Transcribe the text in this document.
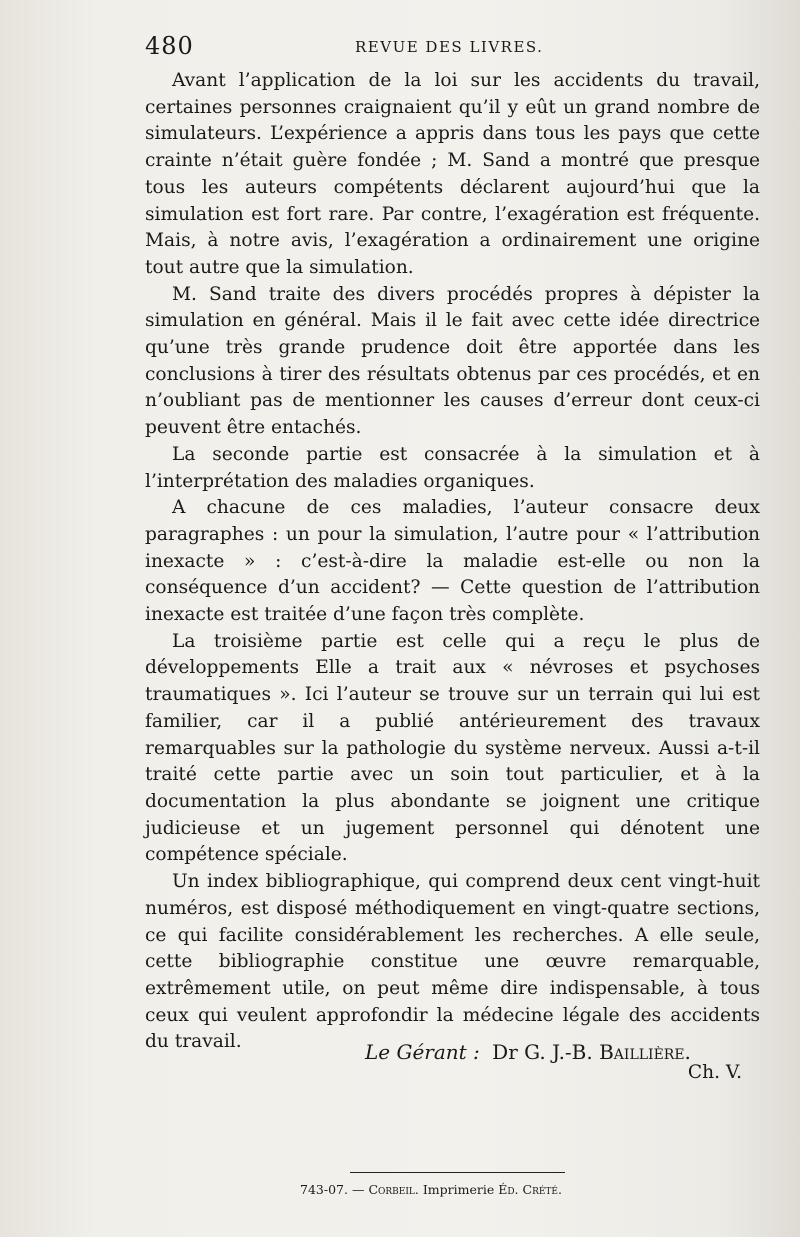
480	REVUE DES LIVRES.

Avant l’application de la loi sur les accidents du travail, certaines personnes craignaient qu’il y eût un grand nombre de simulateurs. L’expérience a appris dans tous les pays que cette crainte n’était guère fondée ; M. Sand a montré que presque tous les auteurs compétents déclarent aujourd’hui que la simulation est fort rare. Par contre, l’exagération est fréquente. Mais, à notre avis, l’exagération a ordinairement une origine tout autre que la simulation.

M. Sand traite des divers procédés propres à dépister la simulation en général. Mais il le fait avec cette idée directrice qu’une très grande prudence doit être apportée dans les conclusions à tirer des résultats obtenus par ces procédés, et en n’oubliant pas de mentionner les causes d’erreur dont ceux-ci peuvent être entachés.

La seconde partie est consacrée à la simulation et à l’interprétation des maladies organiques.

A chacune de ces maladies, l’auteur consacre deux paragraphes : un pour la simulation, l’autre pour « l’attribution inexacte » : c’est-à-dire la maladie est-elle ou non la conséquence d’un accident? — Cette question de l’attribution inexacte est traitée d’une façon très complète.

La troisième partie est celle qui a reçu le plus de développements Elle a trait aux « névroses et psychoses traumatiques ». Ici l’auteur se trouve sur un terrain qui lui est familier, car il a publié antérieurement des travaux remarquables sur la pathologie du système nerveux. Aussi a-t-il traité cette partie avec un soin tout particulier, et à la documentation la plus abondante se joignent une critique judicieuse et un jugement personnel qui dénotent une compétence spéciale.

Un index bibliographique, qui comprend deux cent vingt-huit numéros, est disposé méthodiquement en vingt-quatre sections, ce qui facilite considérablement les recherches. A elle seule, cette bibliographie constitue une œuvre remarquable, extrêmement utile, on peut même dire indispensable, à tous ceux qui veulent approfondir la médecine légale des accidents du travail.

Ch. V.

Le Gérant : Dr G. J.-B. Baillière.
743-07. — Corbeil. Imprimerie Éd. Crété.
